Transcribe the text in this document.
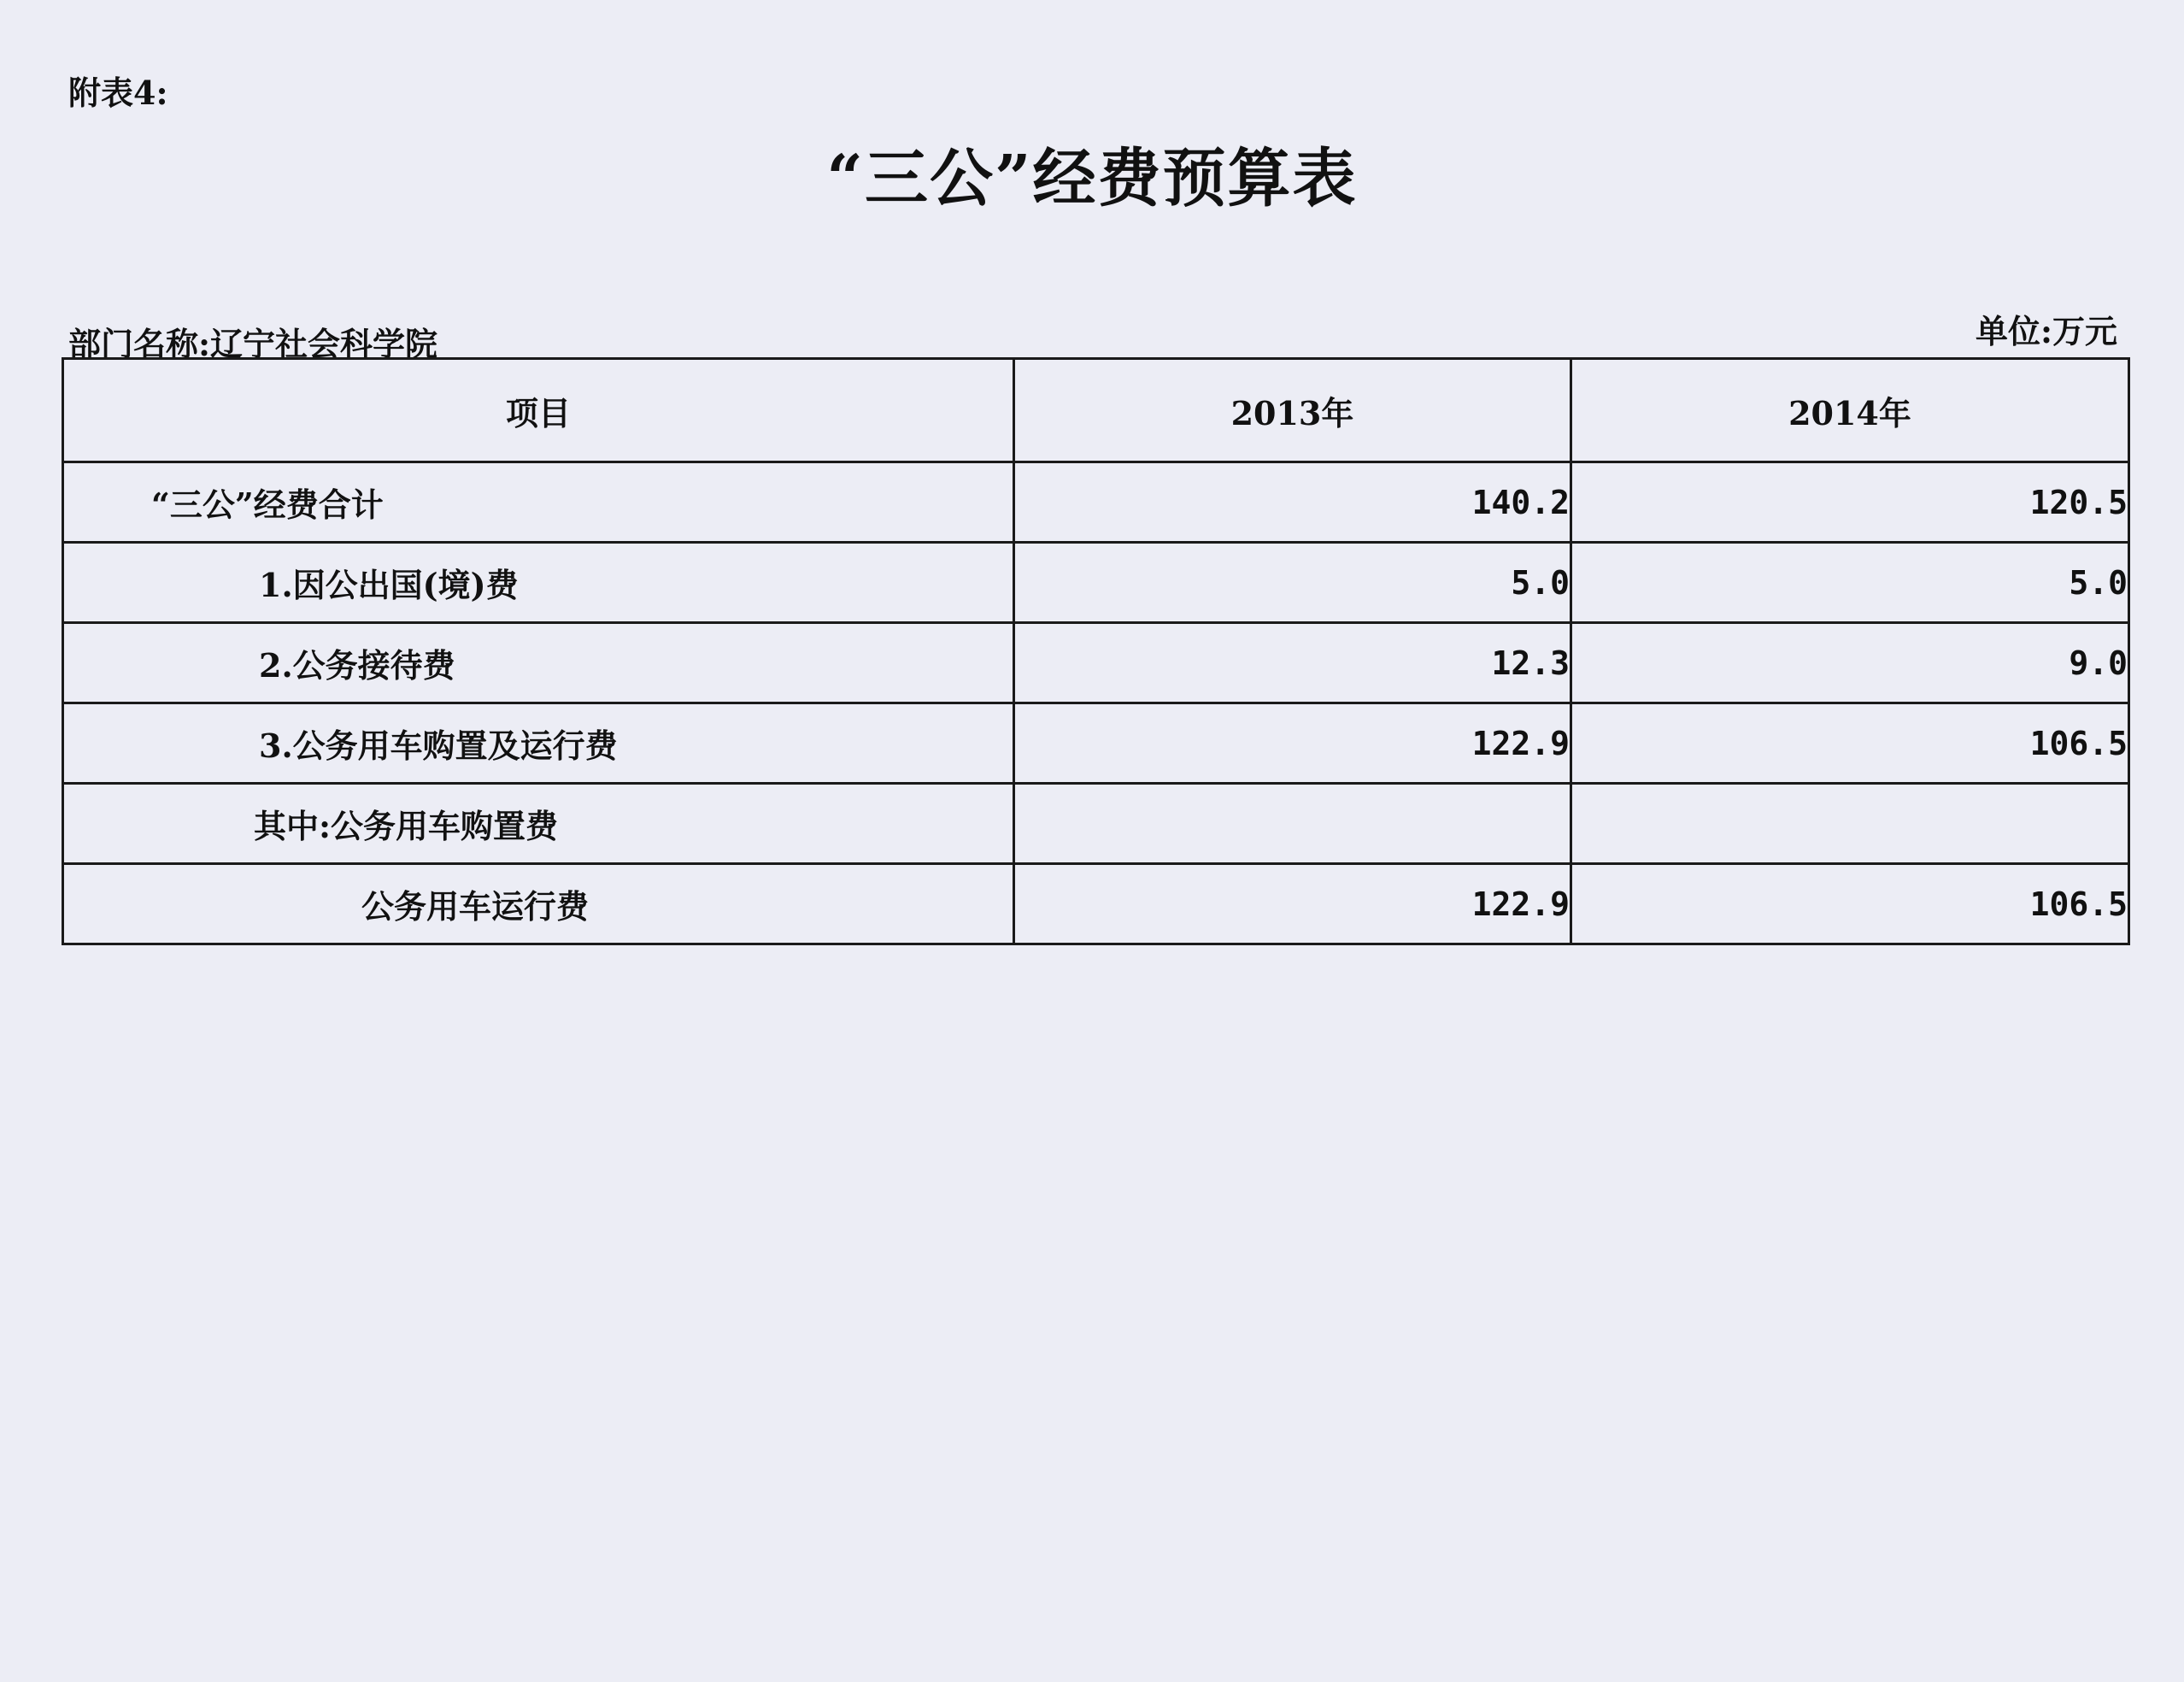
附表4:
“三公”经费预算表
部门名称:辽宁社会科学院	单位:万元
项目	2013年	2014年
“三公”经费合计	140.2	120.5
1.因公出国(境)费	5.0	5.0
2.公务接待费	12.3	9.0
3.公务用车购置及运行费	122.9	106.5
其中:公务用车购置费		
公务用车运行费	122.9	106.5
